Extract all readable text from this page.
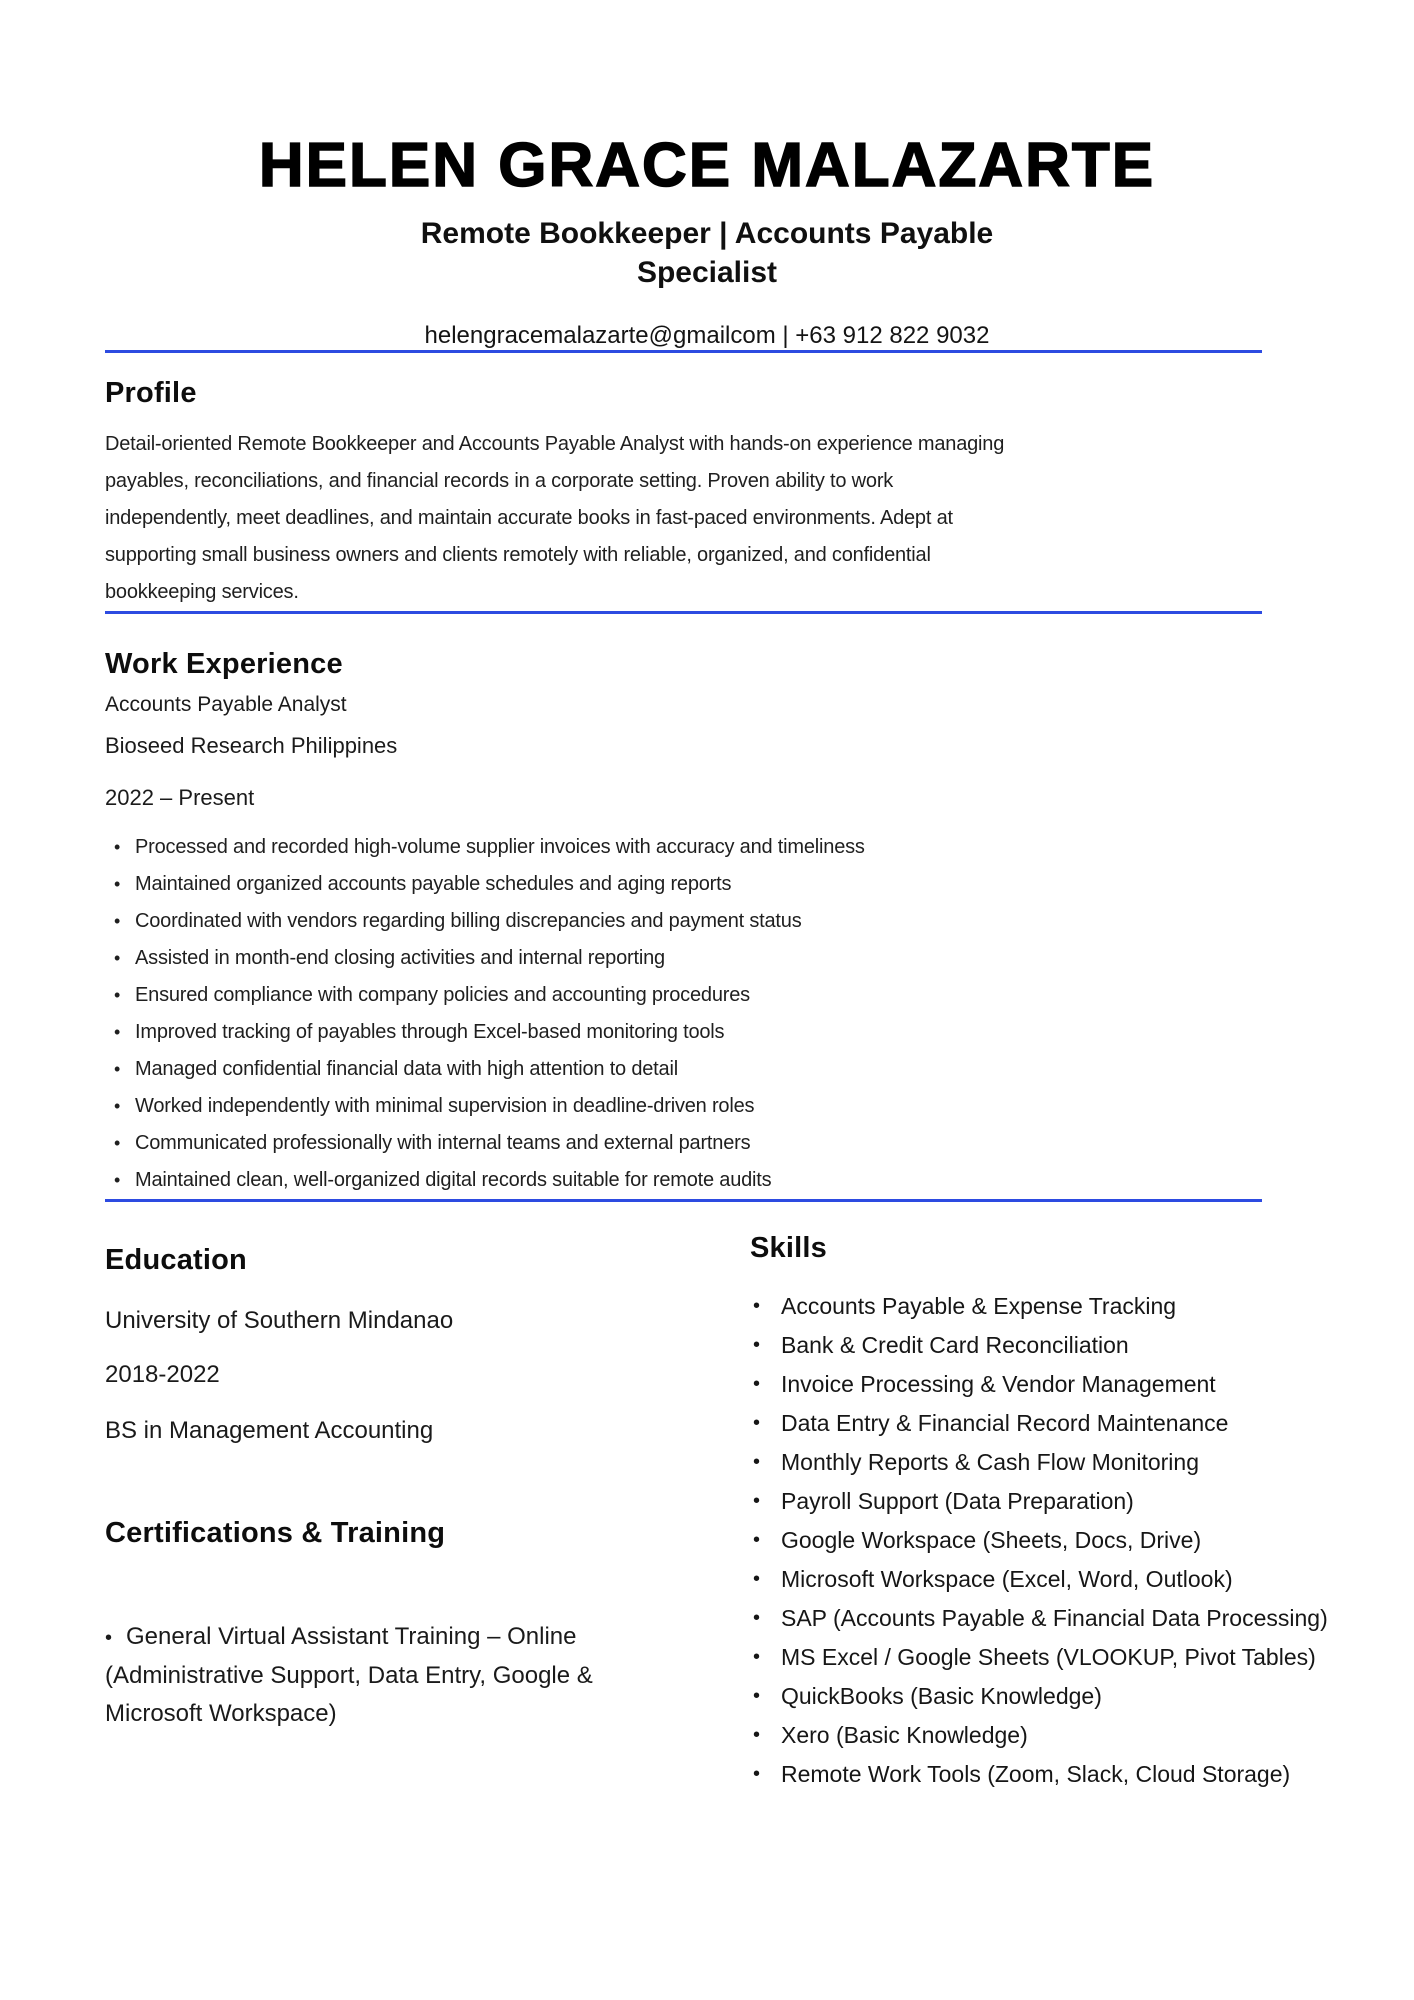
HELEN GRACE MALAZARTE
Remote Bookkeeper | Accounts Payable Specialist
helengracemalazarte@gmailcom | +63 912 822 9032
Profile

Detail-oriented Remote Bookkeeper and Accounts Payable Analyst with hands-on experience managing payables, reconciliations, and financial records in a corporate setting. Proven ability to work independently, meet deadlines, and maintain accurate books in fast-paced environments. Adept at supporting small business owners and clients remotely with reliable, organized, and confidential bookkeeping services.

Work Experience
Accounts Payable Analyst
Bioseed Research Philippines
2022 – Present
• Processed and recorded high-volume supplier invoices with accuracy and timeliness
• Maintained organized accounts payable schedules and aging reports
• Coordinated with vendors regarding billing discrepancies and payment status
• Assisted in month-end closing activities and internal reporting
• Ensured compliance with company policies and accounting procedures
• Improved tracking of payables through Excel-based monitoring tools
• Managed confidential financial data with high attention to detail
• Worked independently with minimal supervision in deadline-driven roles
• Communicated professionally with internal teams and external partners
• Maintained clean, well-organized digital records suitable for remote audits
Education

University of Southern Mindanao

2018-2022

BS in Management Accounting

Certifications & Training
• General Virtual Assistant Training – Online (Administrative Support, Data Entry, Google & Microsoft Workspace)
Skills
• Accounts Payable & Expense Tracking
• Bank & Credit Card Reconciliation
• Invoice Processing & Vendor Management
• Data Entry & Financial Record Maintenance
• Monthly Reports & Cash Flow Monitoring
• Payroll Support (Data Preparation)
• Google Workspace (Sheets, Docs, Drive)
• Microsoft Workspace (Excel, Word, Outlook)
• SAP (Accounts Payable & Financial Data Processing)
• MS Excel / Google Sheets (VLOOKUP, Pivot Tables)
• QuickBooks (Basic Knowledge)
• Xero (Basic Knowledge)
• Remote Work Tools (Zoom, Slack, Cloud Storage)
